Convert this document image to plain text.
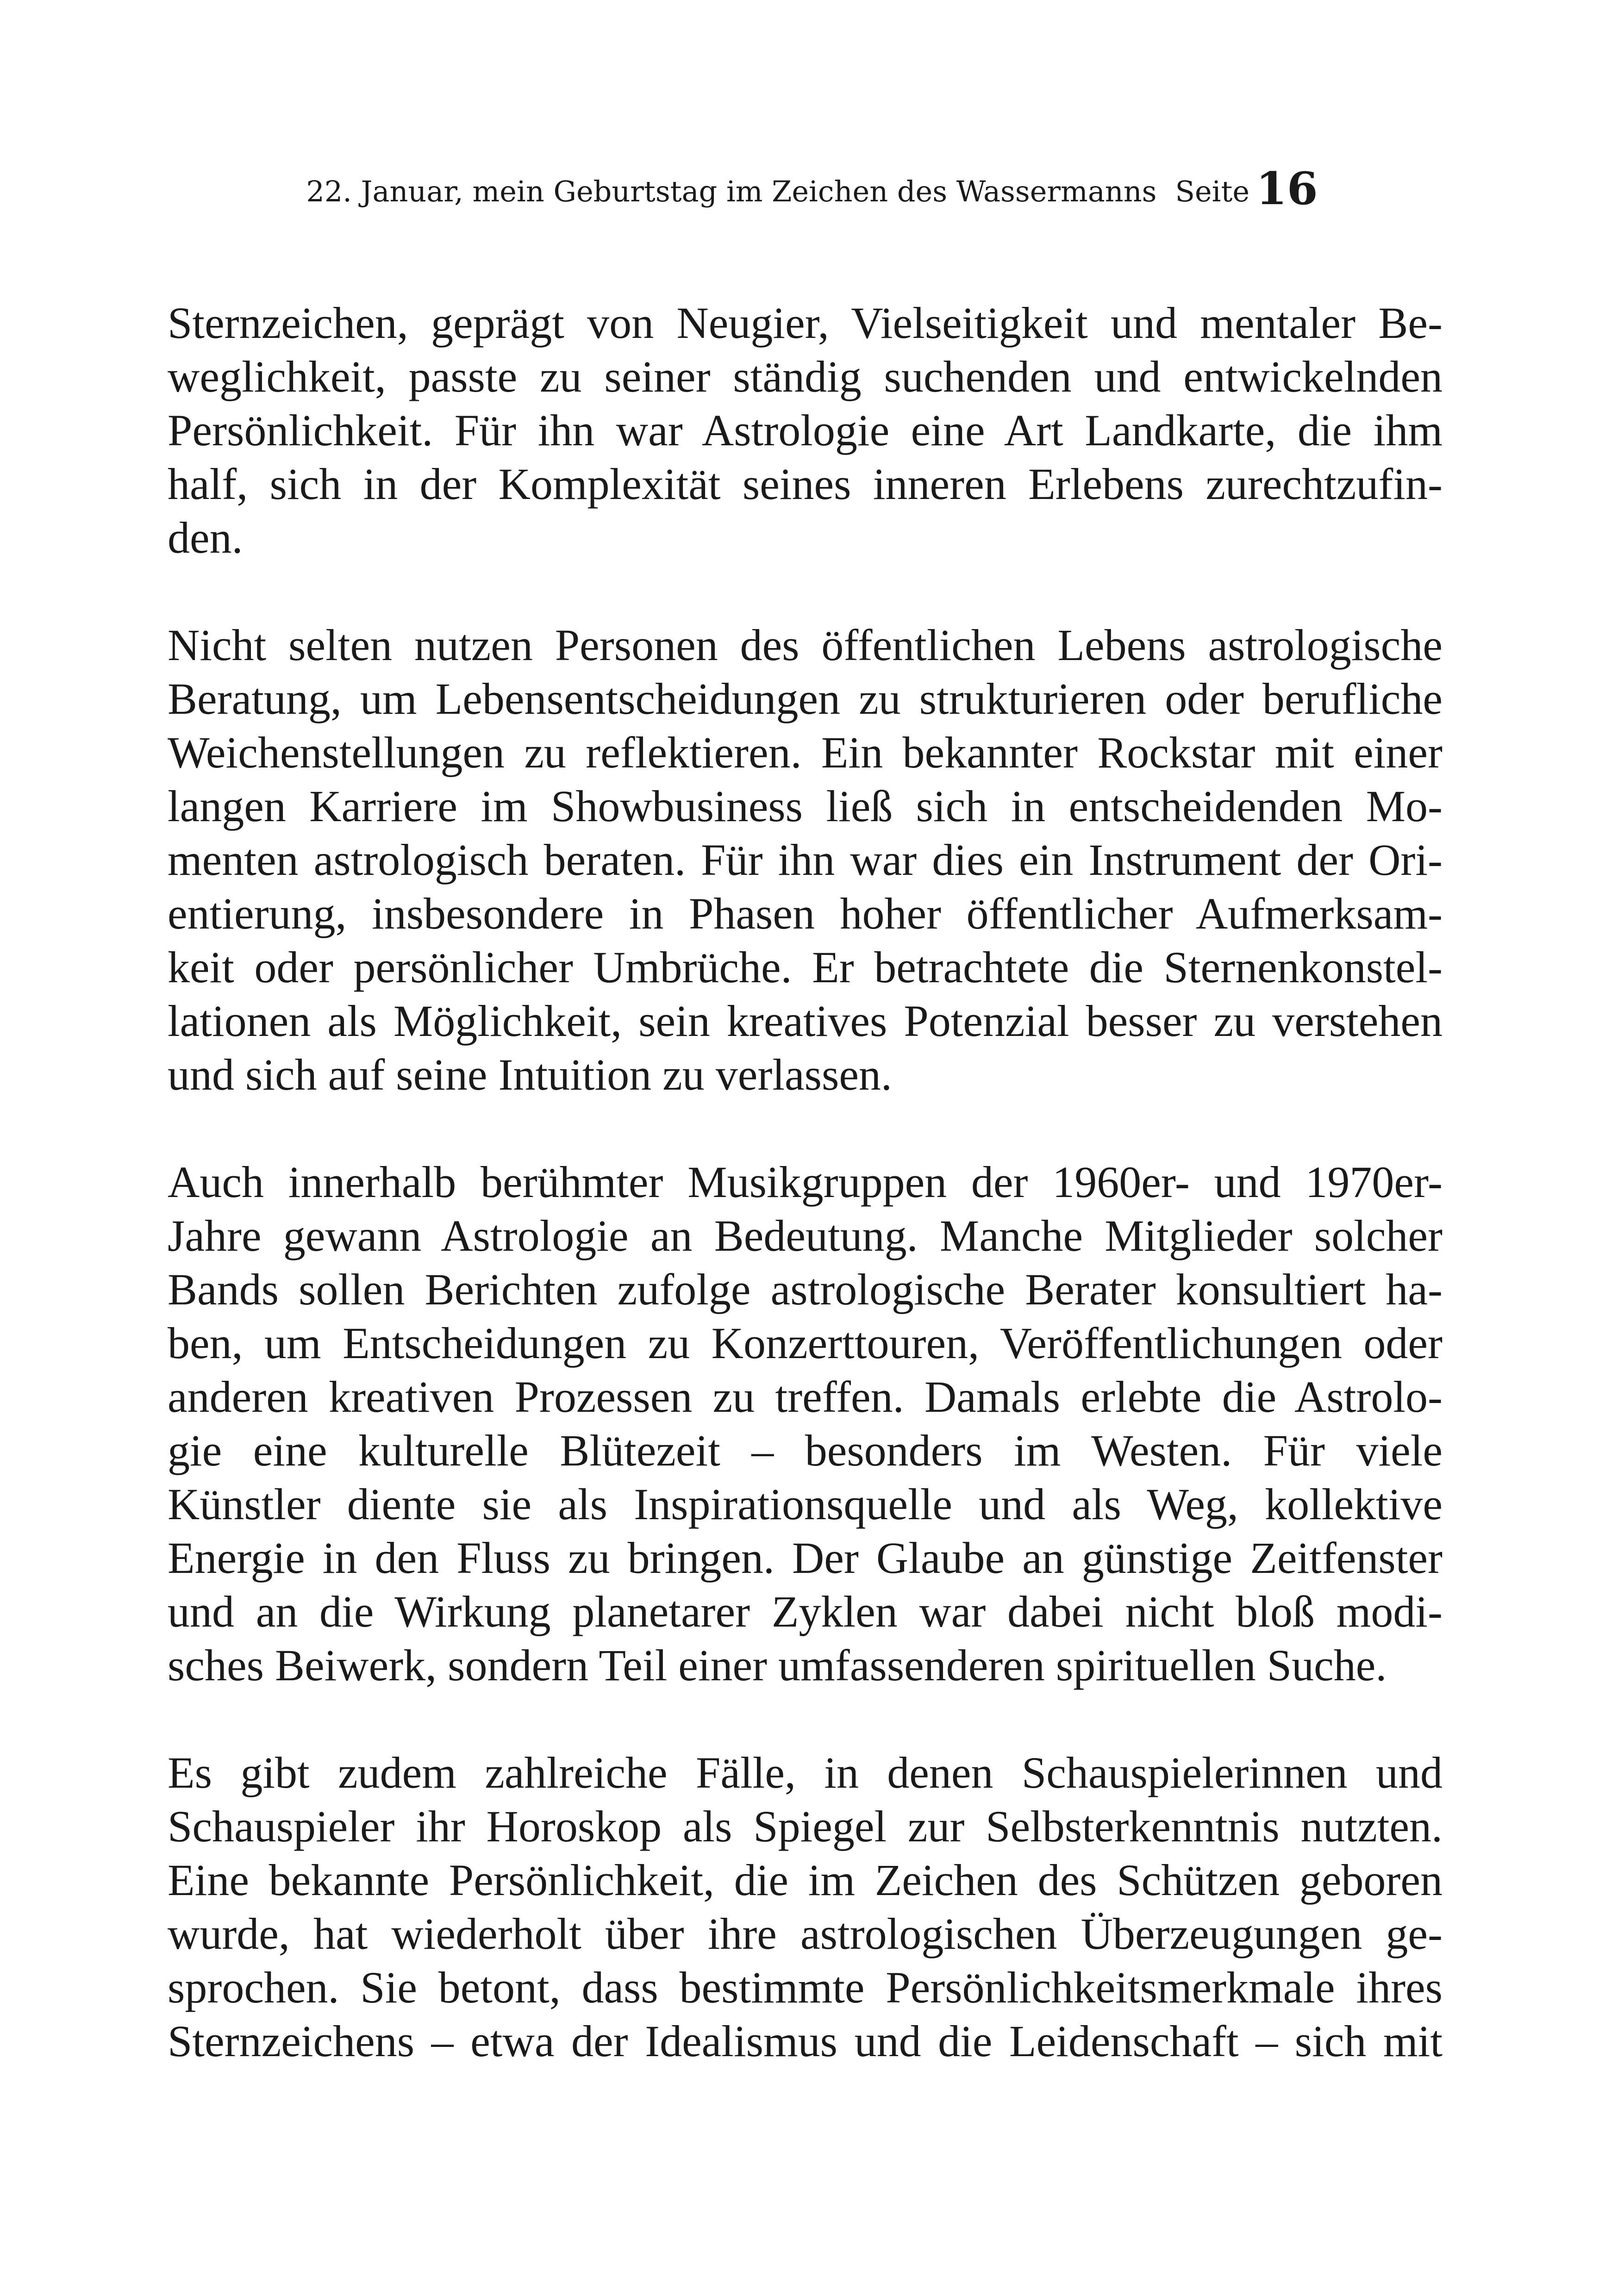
22. Januar, mein Geburtstag im Zeichen des Wassermanns Seite 16
Sternzeichen, geprägt von Neugier, Vielseitigkeit und mentaler Be-
weglichkeit, passte zu seiner ständig suchenden und entwickelnden
Persönlichkeit. Für ihn war Astrologie eine Art Landkarte, die ihm
half, sich in der Komplexität seines inneren Erlebens zurechtzufin-
den.
Nicht selten nutzen Personen des öffentlichen Lebens astrologische
Beratung, um Lebensentscheidungen zu strukturieren oder berufliche
Weichenstellungen zu reflektieren. Ein bekannter Rockstar mit einer
langen Karriere im Showbusiness ließ sich in entscheidenden Mo-
menten astrologisch beraten. Für ihn war dies ein Instrument der Ori-
entierung, insbesondere in Phasen hoher öffentlicher Aufmerksam-
keit oder persönlicher Umbrüche. Er betrachtete die Sternenkonstel-
lationen als Möglichkeit, sein kreatives Potenzial besser zu verstehen
und sich auf seine Intuition zu verlassen.
Auch innerhalb berühmter Musikgruppen der 1960er- und 1970er-
Jahre gewann Astrologie an Bedeutung. Manche Mitglieder solcher
Bands sollen Berichten zufolge astrologische Berater konsultiert ha-
ben, um Entscheidungen zu Konzerttouren, Veröffentlichungen oder
anderen kreativen Prozessen zu treffen. Damals erlebte die Astrolo-
gie eine kulturelle Blütezeit – besonders im Westen. Für viele
Künstler diente sie als Inspirationsquelle und als Weg, kollektive
Energie in den Fluss zu bringen. Der Glaube an günstige Zeitfenster
und an die Wirkung planetarer Zyklen war dabei nicht bloß modi-
sches Beiwerk, sondern Teil einer umfassenderen spirituellen Suche.
Es gibt zudem zahlreiche Fälle, in denen Schauspielerinnen und
Schauspieler ihr Horoskop als Spiegel zur Selbsterkenntnis nutzten.
Eine bekannte Persönlichkeit, die im Zeichen des Schützen geboren
wurde, hat wiederholt über ihre astrologischen Überzeugungen ge-
sprochen. Sie betont, dass bestimmte Persönlichkeitsmerkmale ihres
Sternzeichens – etwa der Idealismus und die Leidenschaft – sich mit
